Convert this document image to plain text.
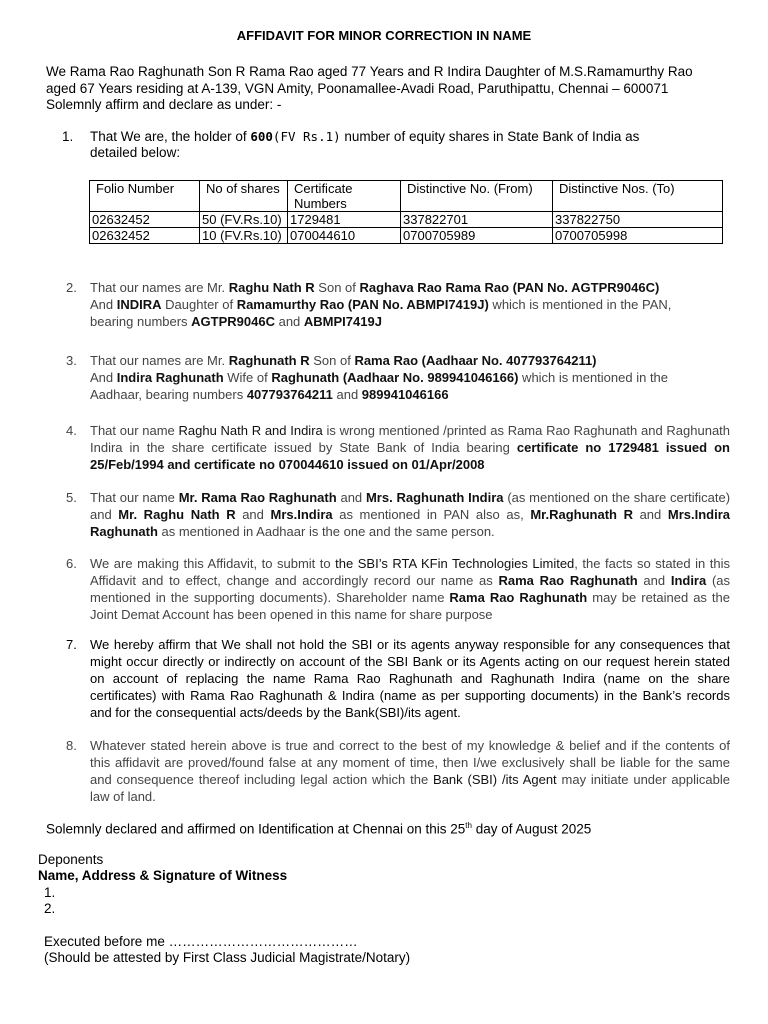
AFFIDAVIT FOR MINOR CORRECTION IN NAME
We Rama Rao Raghunath Son R Rama Rao aged 77 Years and R Indira Daughter of M.S.Ramamurthy Rao aged 67 Years residing at A-139, VGN Amity, Poonamallee-Avadi Road, Paruthipattu, Chennai – 600071 Solemnly affirm and declare as under: -
1. That We are, the holder of 600(FV Rs.1) number of equity shares in State Bank of India as
detailed below:
Folio Number	No of shares	Certificate Numbers	Distinctive No. (From)	Distinctive Nos. (To)
02632452	50 (FV.Rs.10)	1729481	337822701	337822750
02632452	10 (FV.Rs.10)	070044610	0700705989	0700705998
2.	That our names are Mr. Raghu Nath R Son of Raghava Rao Rama Rao (PAN No. AGTPR9046C)
And INDIRA Daughter of Ramamurthy Rao (PAN No. ABMPI7419J) which is mentioned in the PAN,
bearing numbers AGTPR9046C and ABMPI7419J
3.	That our names are Mr. Raghunath R Son of Rama Rao (Aadhaar No. 407793764211)
And Indira Raghunath Wife of Raghunath (Aadhaar No. 989941046166) which is mentioned in the
Aadhaar, bearing numbers 407793764211 and 989941046166
4.	That our name Raghu Nath R and Indira is wrong mentioned /printed as Rama Rao Raghunath and Raghunath Indira in the share certificate issued by State Bank of India bearing certificate no 1729481 issued on 25/Feb/1994 and certificate no 070044610 issued on 01/Apr/2008
5.	That our name Mr. Rama Rao Raghunath and Mrs. Raghunath Indira (as mentioned on the share certificate) and Mr. Raghu Nath R and Mrs.Indira as mentioned in PAN also as, Mr.Raghunath R and Mrs.Indira Raghunath as mentioned in Aadhaar is the one and the same person.
6.	We are making this Affidavit, to submit to the SBI’s RTA KFin Technologies Limited, the facts so stated in this Affidavit and to effect, change and accordingly record our name as Rama Rao Raghunath and Indira (as mentioned in the supporting documents). Shareholder name Rama Rao Raghunath may be retained as the Joint Demat Account has been opened in this name for share purpose
7.	We hereby affirm that We shall not hold the SBI or its agents anyway responsible for any consequences that might occur directly or indirectly on account of the SBI Bank or its Agents acting on our request herein stated on account of replacing the name Rama Rao Raghunath and Raghunath Indira (name on the share certificates) with Rama Rao Raghunath & Indira (name as per supporting documents) in the Bank’s records and for the consequential acts/deeds by the Bank(SBI)/its agent.
8.	Whatever stated herein above is true and correct to the best of my knowledge & belief and if the contents of this affidavit are proved/found false at any moment of time, then I/we exclusively shall be liable for the same and consequence thereof including legal action which the Bank (SBI) /its Agent may initiate under applicable law of land.
Solemnly declared and affirmed on Identification at Chennai on this 25th day of August 2025
Deponents
Name, Address & Signature of Witness
1.
2.
Executed before me ……………………………………
(Should be attested by First Class Judicial Magistrate/Notary)
